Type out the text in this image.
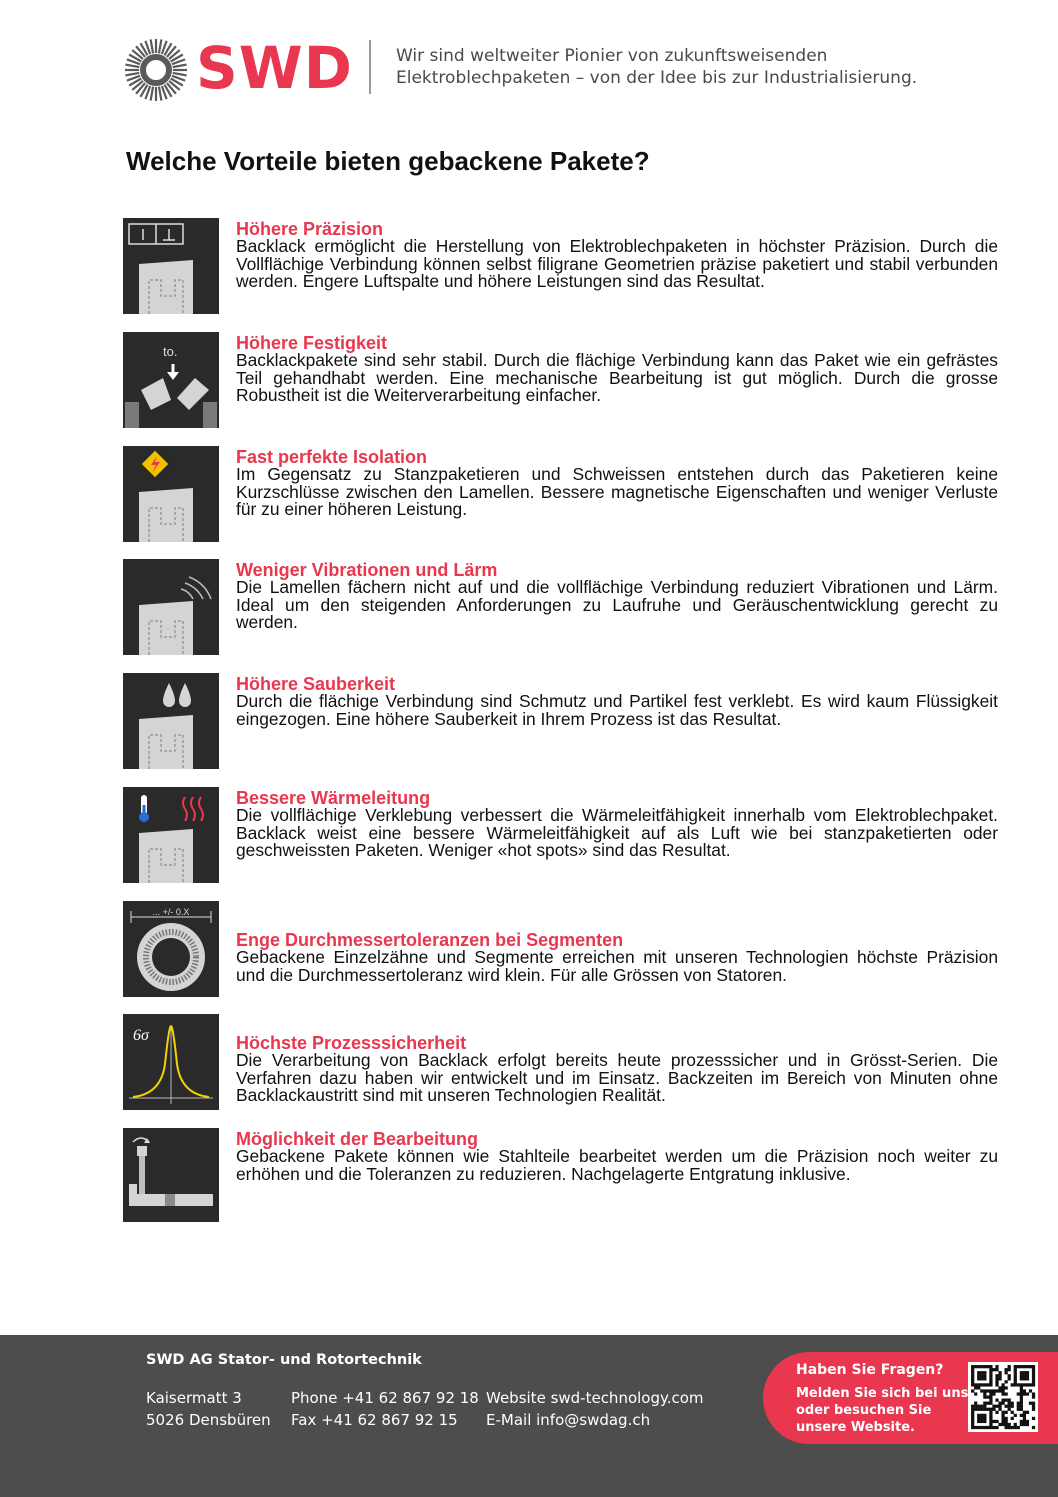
SWD	Wir sind weltweiter Pionier von zukunftsweisenden Elektroblechpaketen – von der Idee bis zur Industrialisierung.
Welche Vorteile bieten gebackene Pakete?
Höhere Präzision
Backlack ermöglicht die Herstellung von Elektroblechpaketen in höchster Präzision. Durch die Vollflächige Verbindung können selbst filigrane Geometrien präzise paketiert und stabil verbunden werden. Engere Luftspalte und höhere Leistungen sind das Resultat.
to.	Höhere Festigkeit
Backlackpakete sind sehr stabil. Durch die flächige Verbindung kann das Paket wie ein gefrästes Teil gehandhabt werden. Eine mechanische Bearbeitung ist gut möglich. Durch die grosse Robustheit ist die Weiterverarbeitung einfacher.
Fast perfekte Isolation
Im Gegensatz zu Stanzpaketieren und Schweissen entstehen durch das Paketieren keine Kurzschlüsse zwischen den Lamellen. Bessere magnetische Eigenschaften und weniger Verluste für zu einer höheren Leistung.
Weniger Vibrationen und Lärm
Die Lamellen fächern nicht auf und die vollflächige Verbindung reduziert Vibrationen und Lärm. Ideal um den steigenden Anforderungen zu Laufruhe und Geräuschentwicklung gerecht zu werden.
Höhere Sauberkeit
Durch die flächige Verbindung sind Schmutz und Partikel fest verklebt. Es wird kaum Flüssigkeit eingezogen. Eine höhere Sauberkeit in Ihrem Prozess ist das Resultat.
Bessere Wärmeleitung
Die vollflächige Verklebung verbessert die Wärmeleitfähigkeit innerhalb vom Elektroblechpaket. Backlack weist eine bessere Wärmeleitfähigkeit auf als Luft wie bei stanzpaketierten oder geschweissten Paketen. Weniger «hot spots» sind das Resultat.
... +/- 0.X
Enge Durchmessertoleranzen bei Segmenten
Gebackene Einzelzähne und Segmente erreichen mit unseren Technologien höchste Präzision und die Durchmessertoleranz wird klein. Für alle Grössen von Statoren.
6σ	Höchste Prozesssicherheit
Die Verarbeitung von Backlack erfolgt bereits heute prozesssicher und in Grösst-Serien. Die Verfahren dazu haben wir entwickelt und im Einsatz. Backzeiten im Bereich von Minuten ohne Backlackaustritt sind mit unseren Technologien Realität.
Möglichkeit der Bearbeitung
Gebackene Pakete können wie Stahlteile bearbeitet werden um die Präzision noch weiter zu erhöhen und die Toleranzen zu reduzieren. Nachgelagerte Entgratung inklusive.
SWD AG Stator- und Rotortechnik
Kaisermatt 3
5026 Densbüren
Phone +41 62 867 92 18
Fax +41 62 867 92 15
Website swd-technology.com
E-Mail info@swdag.ch
Haben Sie Fragen?
Melden Sie sich bei uns oder besuchen Sie unsere Website.
